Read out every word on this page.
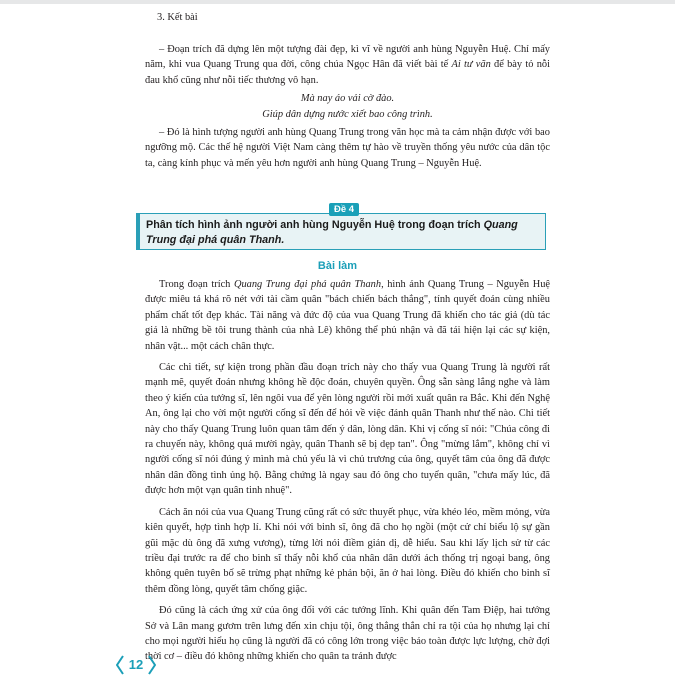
3. Kết bài

– Đoạn trích đã dựng lên một tượng đài đẹp, kì vĩ về người anh hùng Nguyễn Huệ. Chỉ mấy năm, khi vua Quang Trung qua đời, công chúa Ngọc Hân đã viết bài tế Ai tư vãn để bày tỏ nỗi đau khổ cũng như nỗi tiếc thương vô hạn.

Mà nay áo vải cờ đào.
Giúp dân dựng nước xiết bao công trình.

– Đó là hình tượng người anh hùng Quang Trung trong văn học mà ta cảm nhận được với bao ngưỡng mộ. Các thế hệ người Việt Nam càng thêm tự hào về truyền thống yêu nước của dân tộc ta, càng kính phục và mến yêu hơn người anh hùng Quang Trung – Nguyễn Huệ.

Đề 4
Phân tích hình ảnh người anh hùng Nguyễn Huệ trong đoạn trích Quang Trung đại phá quân Thanh.
Bài làm

Trong đoạn trích Quang Trung đại phá quân Thanh, hình ảnh Quang Trung – Nguyễn Huệ được miêu tả khá rõ nét với tài cầm quân "bách chiến bách thắng", tính quyết đoán cùng nhiều phẩm chất tốt đẹp khác. Tài năng và đức độ của vua Quang Trung đã khiến cho tác giả (dù tác giả là những bề tôi trung thành của nhà Lê) không thể phủ nhận và đã tái hiện lại các sự kiện, nhân vật... một cách chân thực.

Các chi tiết, sự kiện trong phần đầu đoạn trích này cho thấy vua Quang Trung là người rất mạnh mẽ, quyết đoán nhưng không hề độc đoán, chuyên quyền. Ông sẵn sàng lắng nghe và làm theo ý kiến của tướng sĩ, lên ngôi vua để yên lòng người rồi mới xuất quân ra Bắc. Khi đến Nghệ An, ông lại cho vời một người cống sĩ đến để hỏi về việc đánh quân Thanh như thế nào. Chi tiết này cho thấy Quang Trung luôn quan tâm đến ý dân, lòng dân. Khi vị cống sĩ nói: "Chúa công đi ra chuyến này, không quá mười ngày, quân Thanh sẽ bị dẹp tan". Ông "mừng lắm", không chỉ vì người cống sĩ nói đúng ý mình mà chủ yếu là vì chủ trương của ông, quyết tâm của ông đã được nhân dân đồng tình ủng hộ. Bằng chứng là ngay sau đó ông cho tuyển quân, "chưa mấy lúc, đã được hơn một vạn quân tinh nhuệ".

Cách ăn nói của vua Quang Trung cũng rất có sức thuyết phục, vừa khéo léo, mềm mỏng, vừa kiên quyết, hợp tình hợp lí. Khi nói với binh sĩ, ông đã cho họ ngồi (một cử chỉ biểu lộ sự gần gũi mặc dù ông đã xưng vương), từng lời nói điềm giản dị, dễ hiểu. Sau khi lấy lịch sử từ các triều đại trước ra để cho binh sĩ thấy nỗi khổ của nhân dân dưới ách thống trị ngoại bang, ông không quên tuyên bố sẽ trừng phạt những kẻ phản bội, ăn ở hai lòng. Điều đó khiến cho binh sĩ thêm đồng lòng, quyết tâm chống giặc.

Đó cũng là cách ứng xử của ông đối với các tướng lĩnh. Khi quân đến Tam Điệp, hai tướng Sở và Lân mang gươm trên lưng đến xin chịu tội, ông thẳng thắn chỉ ra tội của họ nhưng lại chỉ cho mọi người hiểu họ cũng là người đã có công lớn trong việc bảo toàn được lực lượng, chờ đợi thời cơ – điều đó không những khiến cho quân ta tránh được

12
